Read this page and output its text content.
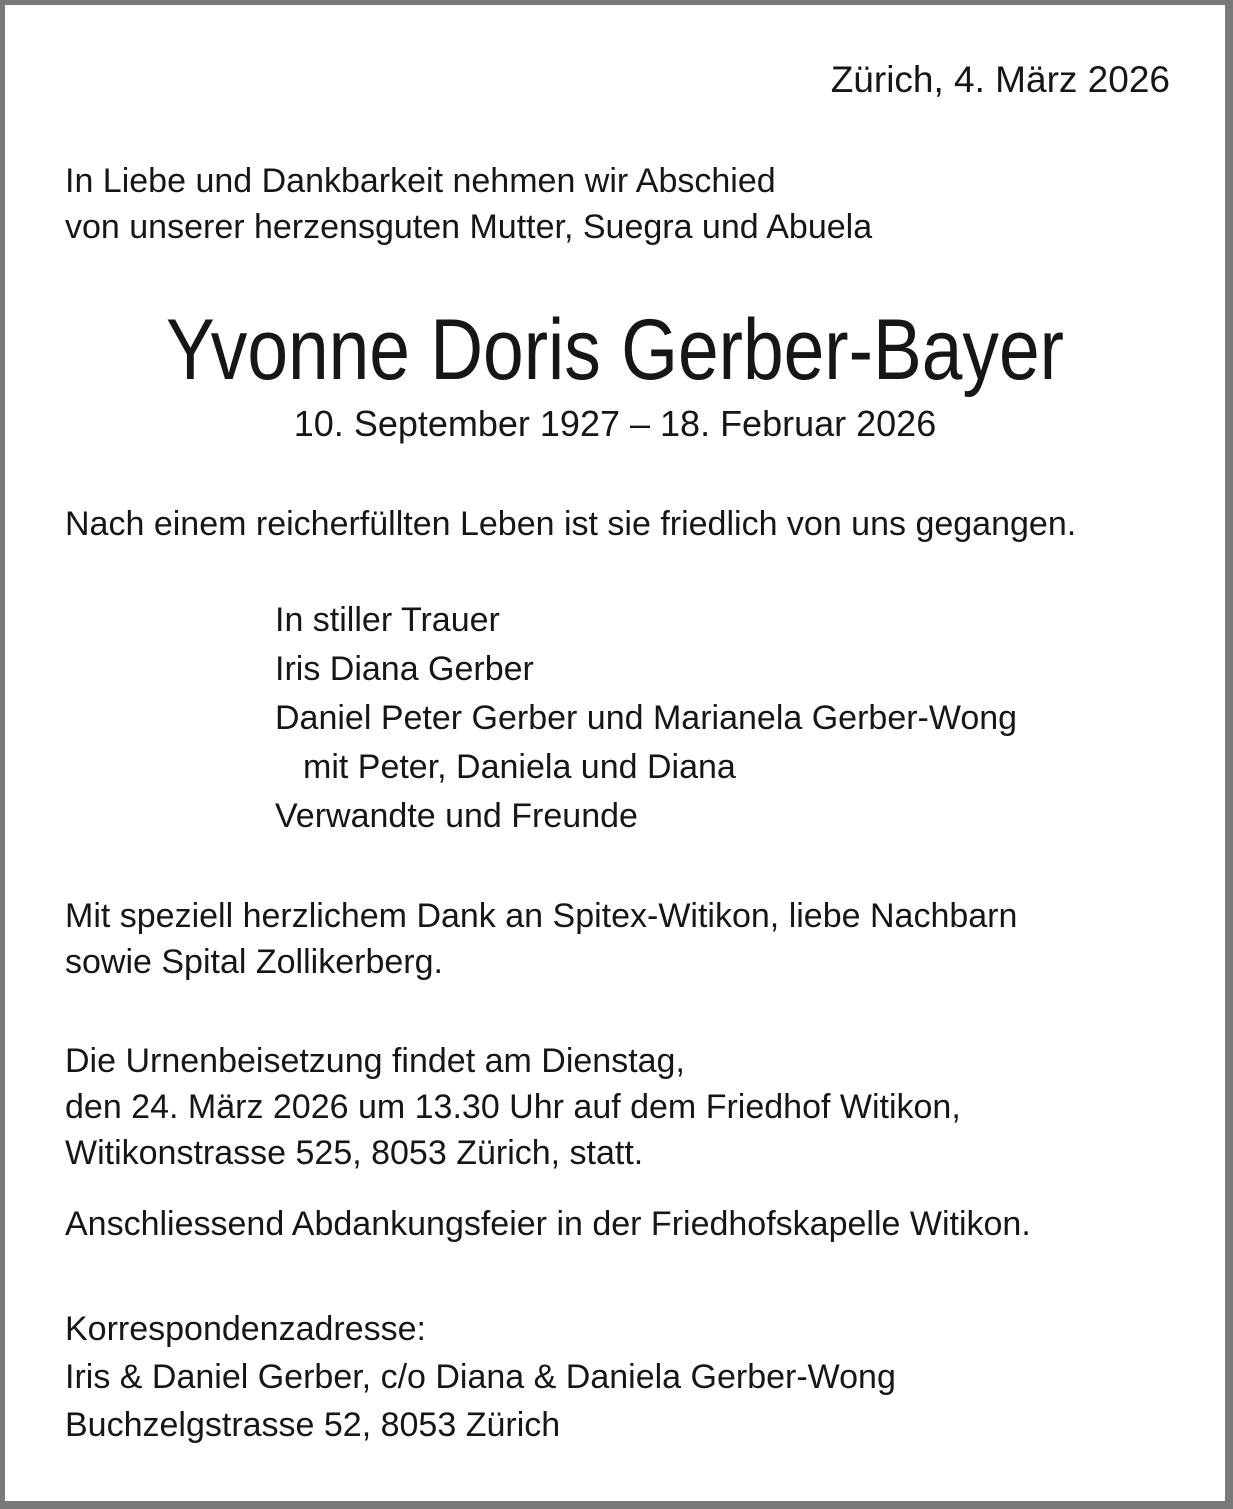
Zürich, 4. März 2026
In Liebe und Dankbarkeit nehmen wir Abschied
von unserer herzensguten Mutter, Suegra und Abuela
Yvonne Doris Gerber-Bayer
10. September 1927 – 18. Februar 2026
Nach einem reicherfüllten Leben ist sie friedlich von uns gegangen.
In stiller Trauer
Iris Diana Gerber
Daniel Peter Gerber und Marianela Gerber-Wong
mit Peter, Daniela und Diana
Verwandte und Freunde
Mit speziell herzlichem Dank an Spitex-Witikon, liebe Nachbarn
sowie Spital Zollikerberg.
Die Urnenbeisetzung findet am Dienstag,
den 24. März 2026 um 13.30 Uhr auf dem Friedhof Witikon,
Witikonstrasse 525, 8053 Zürich, statt.
Anschliessend Abdankungsfeier in der Friedhofskapelle Witikon.
Korrespondenzadresse:
Iris & Daniel Gerber, c/o Diana & Daniela Gerber-Wong
Buchzelgstrasse 52, 8053 Zürich
